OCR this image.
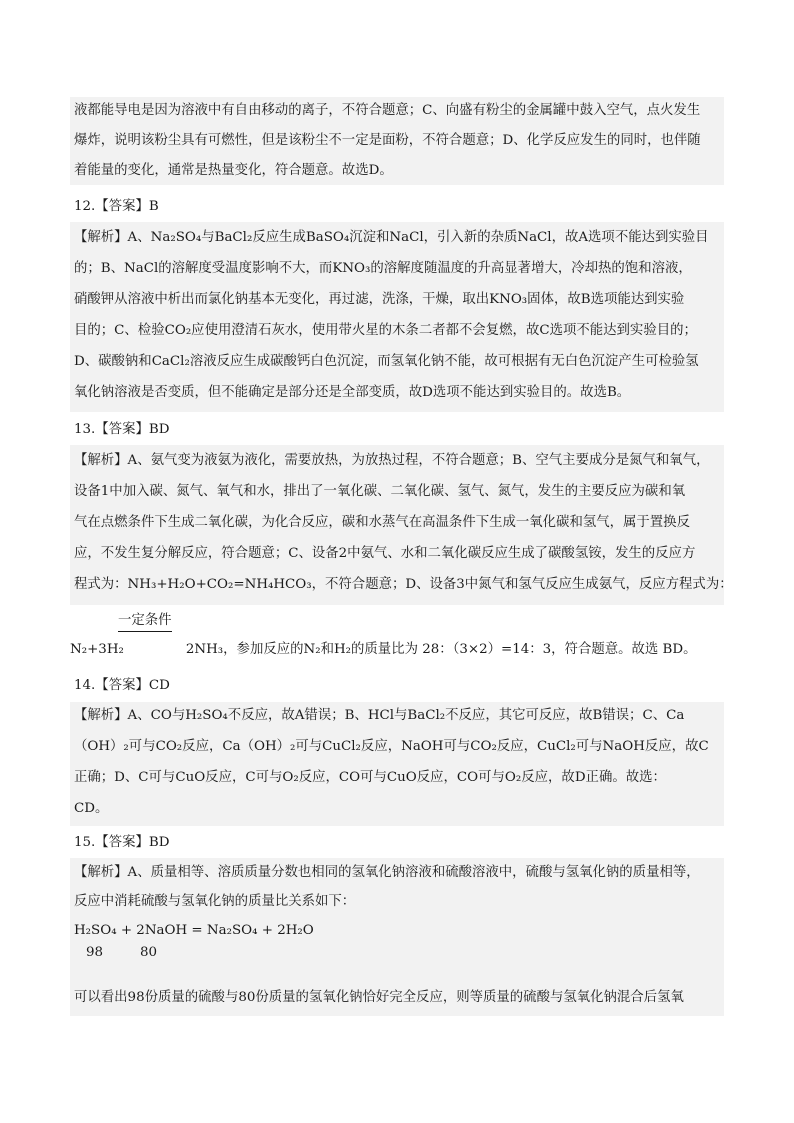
液都能导电是因为溶液中有自由移动的离子，不符合题意；C、向盛有粉尘的金属罐中鼓入空气，点火发生
爆炸，说明该粉尘具有可燃性，但是该粉尘不一定是面粉，不符合题意；D、化学反应发生的同时，也伴随
着能量的变化，通常是热量变化，符合题意。故选D。
12.【答案】B
【解析】A、Na₂SO₄与BaCl₂反应生成BaSO₄沉淀和NaCl，引入新的杂质NaCl，故A选项不能达到实验目
的；B、NaCl的溶解度受温度影响不大，而KNO₃的溶解度随温度的升高显著增大，冷却热的饱和溶液，
硝酸钾从溶液中析出而氯化钠基本无变化，再过滤，洗涤，干燥，取出KNO₃固体，故B选项能达到实验
目的；C、检验CO₂应使用澄清石灰水，使用带火星的木条二者都不会复燃，故C选项不能达到实验目的；
D、碳酸钠和CaCl₂溶液反应生成碳酸钙白色沉淀，而氢氧化钠不能，故可根据有无白色沉淀产生可检验氢
氧化钠溶液是否变质，但不能确定是部分还是全部变质，故D选项不能达到实验目的。故选B。
13.【答案】BD
【解析】A、氨气变为液氨为液化，需要放热，为放热过程，不符合题意；B、空气主要成分是氮气和氧气，
设备1中加入碳、氮气、氧气和水，排出了一氧化碳、二氧化碳、氢气、氮气，发生的主要反应为碳和氧
气在点燃条件下生成二氧化碳，为化合反应，碳和水蒸气在高温条件下生成一氧化碳和氢气，属于置换反
应，不发生复分解反应，符合题意；C、设备2中氨气、水和二氧化碳反应生成了碳酸氢铵，发生的反应方
程式为：NH₃+H₂O+CO₂=NH₄HCO₃，不符合题意；D、设备3中氮气和氢气反应生成氨气，反应方程式为：
一定条件
N₂+3H₂	2NH₃，参加反应的N₂和H₂的质量比为 28：（3×2）=14：3，符合题意。故选 BD。
14.【答案】CD
【解析】A、CO与H₂SO₄不反应，故A错误；B、HCl与BaCl₂不反应，其它可反应，故B错误；C、Ca
（OH）₂可与CO₂反应，Ca（OH）₂可与CuCl₂反应，NaOH可与CO₂反应，CuCl₂可与NaOH反应，故C
正确；D、C可与CuO反应，C可与O₂反应，CO可与CuO反应，CO可与O₂反应，故D正确。故选：
CD。
15.【答案】BD
【解析】A、质量相等、溶质质量分数也相同的氢氧化钠溶液和硫酸溶液中，硫酸与氢氧化钠的质量相等，
反应中消耗硫酸与氢氧化钠的质量比关系如下：
H₂SO₄ + 2NaOH = Na₂SO₄ + 2H₂O
98	80
可以看出98份质量的硫酸与80份质量的氢氧化钠恰好完全反应，则等质量的硫酸与氢氧化钠混合后氢氧
